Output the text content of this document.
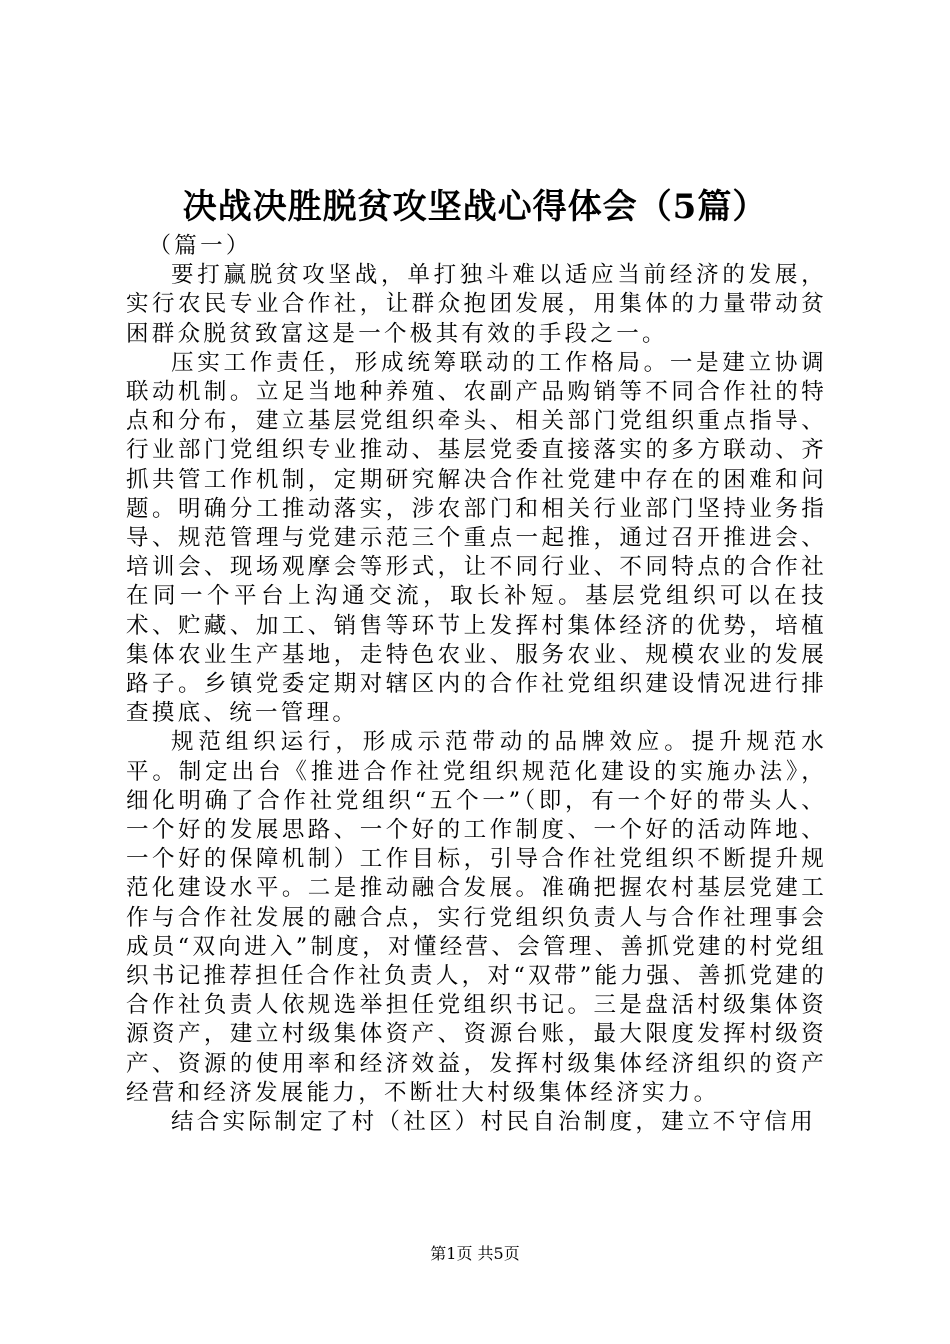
决战决胜脱贫攻坚战心得体会（5篇）

（篇一）

要打赢脱贫攻坚战，单打独斗难以适应当前经济的发展，实行农民专业合作社，让群众抱团发展，用集体的力量带动贫困群众脱贫致富这是一个极其有效的手段之一。

压实工作责任，形成统筹联动的工作格局。一是建立协调联动机制。立足当地种养殖、农副产品购销等不同合作社的特点和分布，建立基层党组织牵头、相关部门党组织重点指导、行业部门党组织专业推动、基层党委直接落实的多方联动、齐抓共管工作机制，定期研究解决合作社党建中存在的困难和问题。明确分工推动落实，涉农部门和相关行业部门坚持业务指导、规范管理与党建示范三个重点一起推，通过召开推进会、培训会、现场观摩会等形式，让不同行业、不同特点的合作社在同一个平台上沟通交流，取长补短。基层党组织可以在技术、贮藏、加工、销售等环节上发挥村集体经济的优势，培植集体农业生产基地，走特色农业、服务农业、规模农业的发展路子。乡镇党委定期对辖区内的合作社党组织建设情况进行排查摸底、统一管理。

规范组织运行，形成示范带动的品牌效应。提升规范水平。制定出台《推进合作社党组织规范化建设的实施办法》，细化明确了合作社党组织“五个一”（即，有一个好的带头人、一个好的发展思路、一个好的工作制度、一个好的活动阵地、一个好的保障机制）工作目标，引导合作社党组织不断提升规范化建设水平。二是推动融合发展。准确把握农村基层党建工作与合作社发展的融合点，实行党组织负责人与合作社理事会成员“双向进入”制度，对懂经营、会管理、善抓党建的村党组织书记推荐担任合作社负责人，对“双带”能力强、善抓党建的合作社负责人依规选举担任党组织书记。三是盘活村级集体资源资产，建立村级集体资产、资源台账，最大限度发挥村级资产、资源的使用率和经济效益，发挥村级集体经济组织的资产经营和经济发展能力，不断壮大村级集体经济实力。

结合实际制定了村（社区）村民自治制度，建立不守信用

第1页 共5页
